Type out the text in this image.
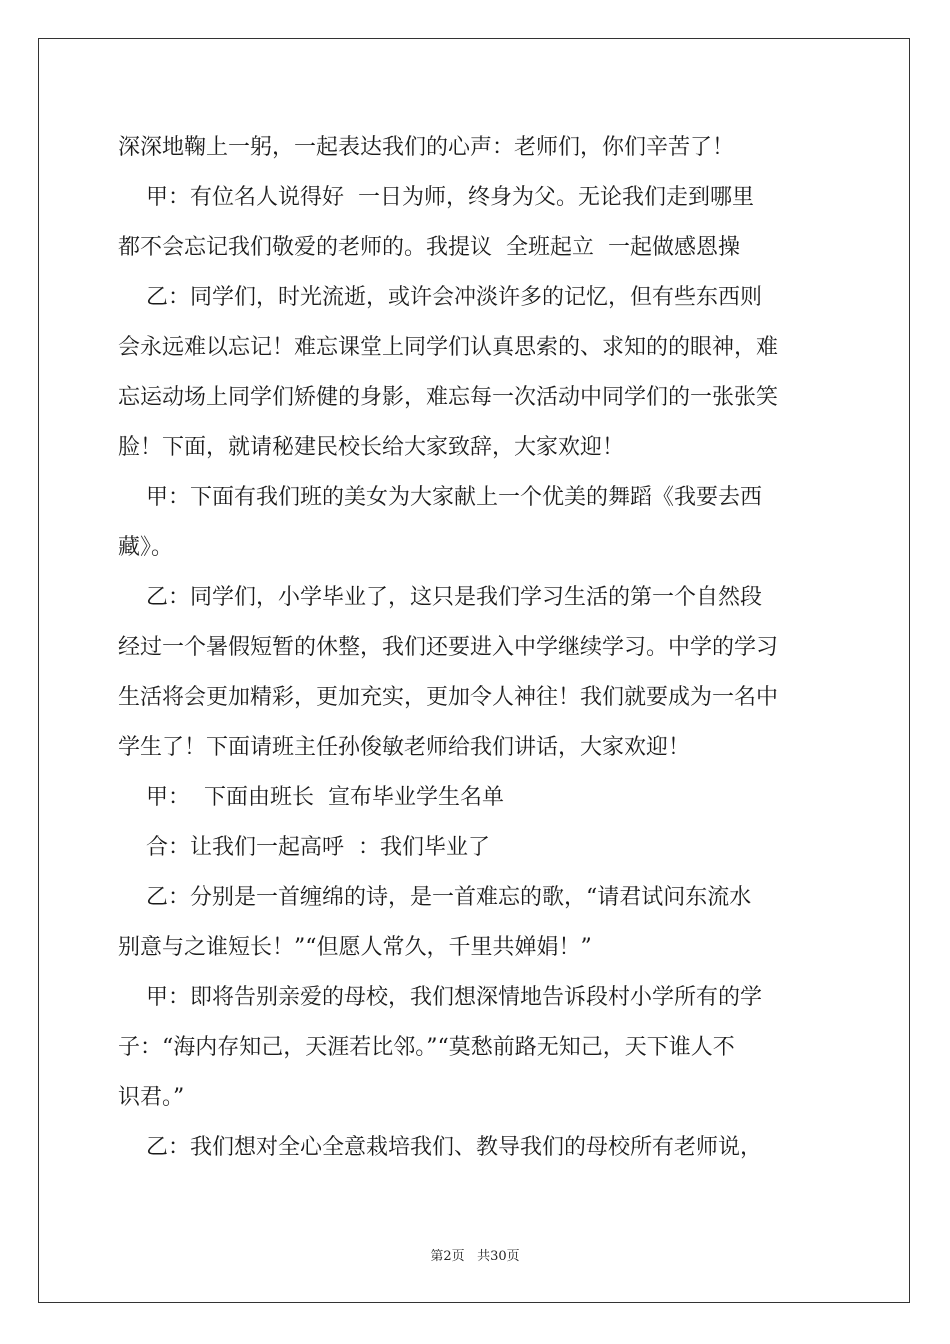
深深地鞠上一躬，一起表达我们的心声：老师们，你们辛苦了！
甲：有位名人说得好  一日为师，终身为父。无论我们走到哪里
都不会忘记我们敬爱的老师的。我提议  全班起立  一起做感恩操
乙：同学们，时光流逝，或许会冲淡许多的记忆，但有些东西则
会永远难以忘记！难忘课堂上同学们认真思索的、求知的的眼神，难
忘运动场上同学们矫健的身影，难忘每一次活动中同学们的一张张笑
脸！下面，就请秘建民校长给大家致辞，大家欢迎！
甲：下面有我们班的美女为大家献上一个优美的舞蹈《我要去西
藏》。
乙：同学们，小学毕业了，这只是我们学习生活的第一个自然段
经过一个暑假短暂的休整，我们还要进入中学继续学习。中学的学习
生活将会更加精彩，更加充实，更加令人神往！我们就要成为一名中
学生了！下面请班主任孙俊敏老师给我们讲话，大家欢迎！
甲：  下面由班长  宣布毕业学生名单
合：让我们一起高呼  ：我们毕业了
乙：分别是一首缠绵的诗，是一首难忘的歌，“请君试问东流水
别意与之谁短长！”“但愿人常久，千里共婵娟！”
甲：即将告别亲爱的母校，我们想深情地告诉段村小学所有的学
子：“海内存知己，天涯若比邻。”“莫愁前路无知己，天下谁人不
识君。”
乙：我们想对全心全意栽培我们、教导我们的母校所有老师说，
第2页 共30页
